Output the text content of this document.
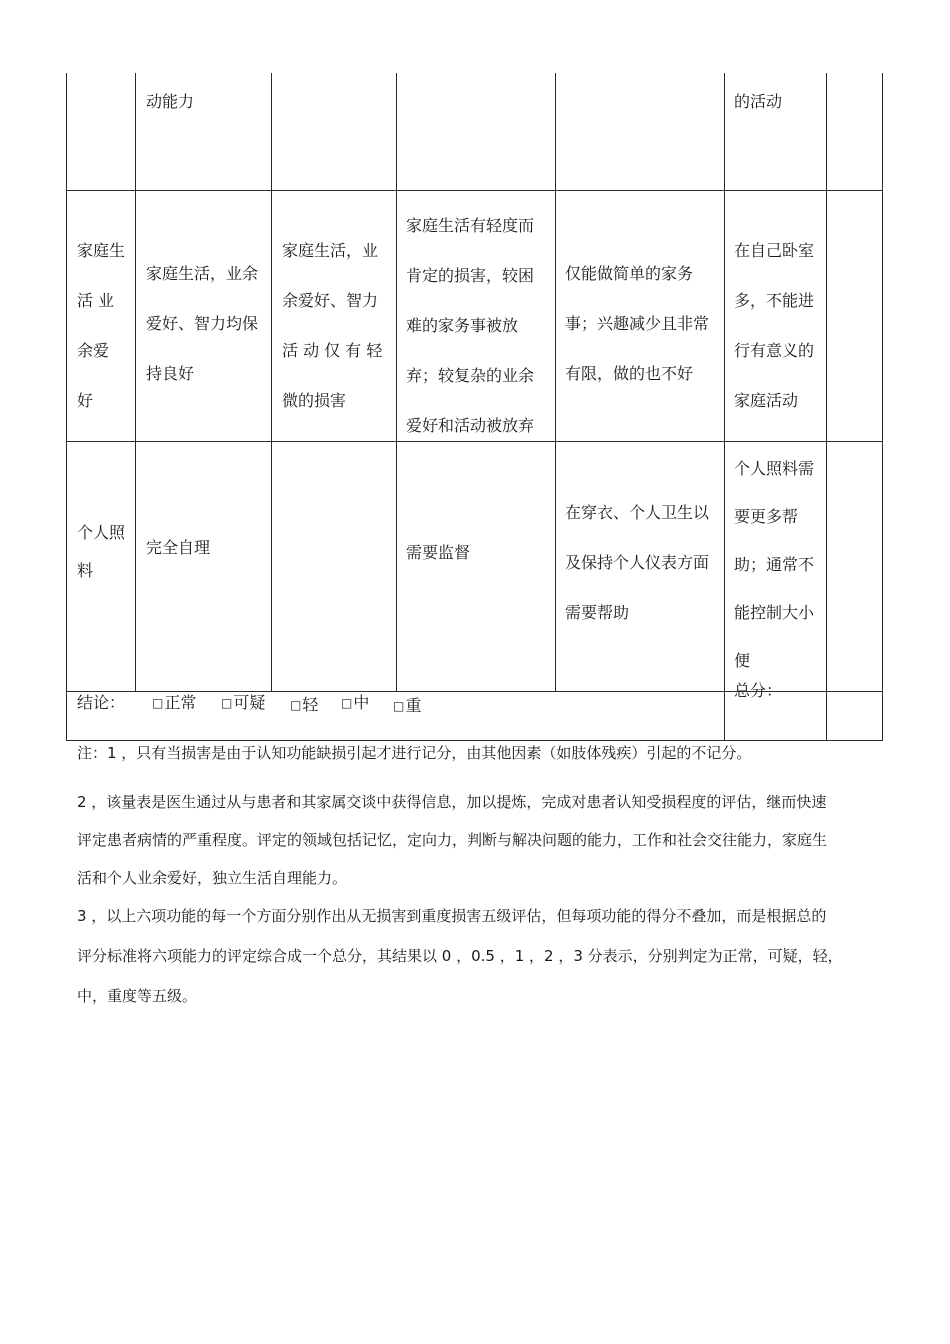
动能力	的活动

家庭生

活 业

余爱

好

家庭生活，业余

爱好、智力均保

持良好

家庭生活，业

余爱好、智力

活 动 仅 有 轻

微的损害

家庭生活有轻度而

肯定的损害，较困

难的家务事被放

弃；较复杂的业余

爱好和活动被放弃

仅能做简单的家务

事；兴趣减少且非常

有限，做的也不好

在自己卧室

多，不能进

行有意义的

家庭活动

个人照

料

完全自理	需要监督

在穿衣、个人卫生以

及保持个人仪表方面

需要帮助

个人照料需

要更多帮

助；通常不

能控制大小

便

结论： □正常 □可疑 □轻 □中 □重
总分：

注：1 ，只有当损害是由于认知功能缺损引起才进行记分，由其他因素（如肢体残疾）引起的不记分。

2 ，该量表是医生通过从与患者和其家属交谈中获得信息，加以提炼，完成对患者认知受损程度的评估，继而快速

评定患者病情的严重程度。评定的领域包括记忆，定向力，判断与解决问题的能力，工作和社会交往能力，家庭生

活和个人业余爱好，独立生活自理能力。

3 ，以上六项功能的每一个方面分别作出从无损害到重度损害五级评估，但每项功能的得分不叠加，而是根据总的

评分标准将六项能力的评定综合成一个总分，其结果以 0 ，0.5 ，1 ，2 ，3 分表示，分别判定为正常，可疑，轻，

中，重度等五级。
